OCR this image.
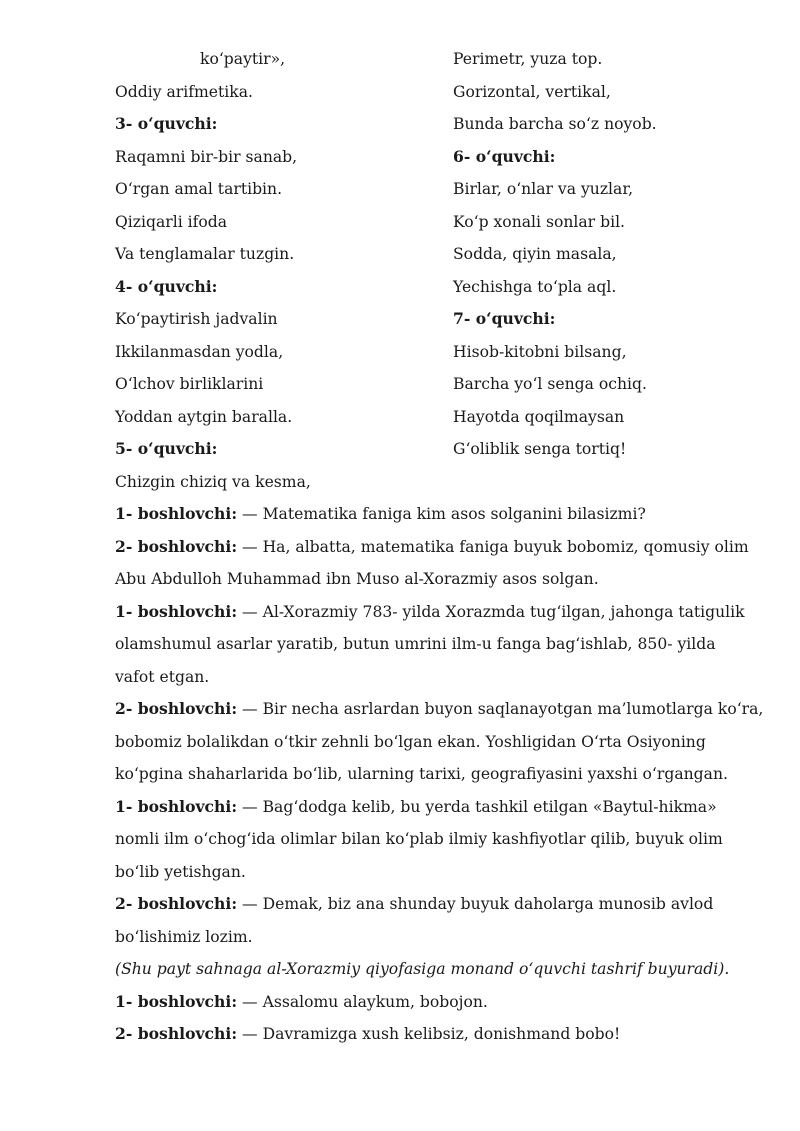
ko‘paytir»,
Oddiy arifmetika.
3- o‘quvchi:
Raqamni bir-bir sanab,
O‘rgan amal tartibin.
Qiziqarli ifoda
Va tenglamalar tuzgin.
4- o‘quvchi:
Ko‘paytirish jadvalin
Ikkilanmasdan yodla,
O‘lchov birliklarini
Yoddan aytgin baralla.
5- o‘quvchi:
Chizgin chiziq va kesma,
Perimetr, yuza top.
Gorizontal, vertikal,
Bunda barcha so‘z noyob.
6- o‘quvchi:
Birlar, o‘nlar va yuzlar,
Ko‘p xonali sonlar bil.
Sodda, qiyin masala,
Yechishga to‘pla aql.
7- o‘quvchi:
Hisob-kitobni bilsang,
Barcha yo‘l senga ochiq.
Hayotda qoqilmaysan
G‘oliblik senga tortiq!
1- boshlovchi: — Matematika faniga kim asos solganini bilasizmi?
2- boshlovchi: — Ha, albatta, matematika faniga buyuk bobomiz, qomusiy olim
Abu Abdulloh Muhammad ibn Muso al-Xorazmiy asos solgan.
1- boshlovchi: — Al-Xorazmiy 783- yilda Xorazmda tug‘ilgan, jahonga tatigulik
olamshumul asarlar yaratib, butun umrini ilm-u fanga bag‘ishlab, 850- yilda
vafot etgan.
2- boshlovchi: — Bir necha asrlardan buyon saqlanayotgan ma’lumotlarga ko‘ra,
bobomiz bolalikdan o‘tkir zehnli bo‘lgan ekan. Yoshligidan O‘rta Osiyoning
ko‘pgina shaharlarida bo‘lib, ularning tarixi, geografiyasini yaxshi o‘rgangan.
1- boshlovchi: — Bag‘dodga kelib, bu yerda tashkil etilgan «Baytul-hikma»
nomli ilm o‘chog‘ida olimlar bilan ko‘plab ilmiy kashfiyotlar qilib, buyuk olim
bo‘lib yetishgan.
2- boshlovchi: — Demak, biz ana shunday buyuk daholarga munosib avlod
bo‘lishimiz lozim.
(Shu payt sahnaga al-Xorazmiy qiyofasiga monand o‘quvchi tashrif buyuradi).
1- boshlovchi: — Assalomu alaykum, bobojon.
2- boshlovchi: — Davramizga xush kelibsiz, donishmand bobo!
